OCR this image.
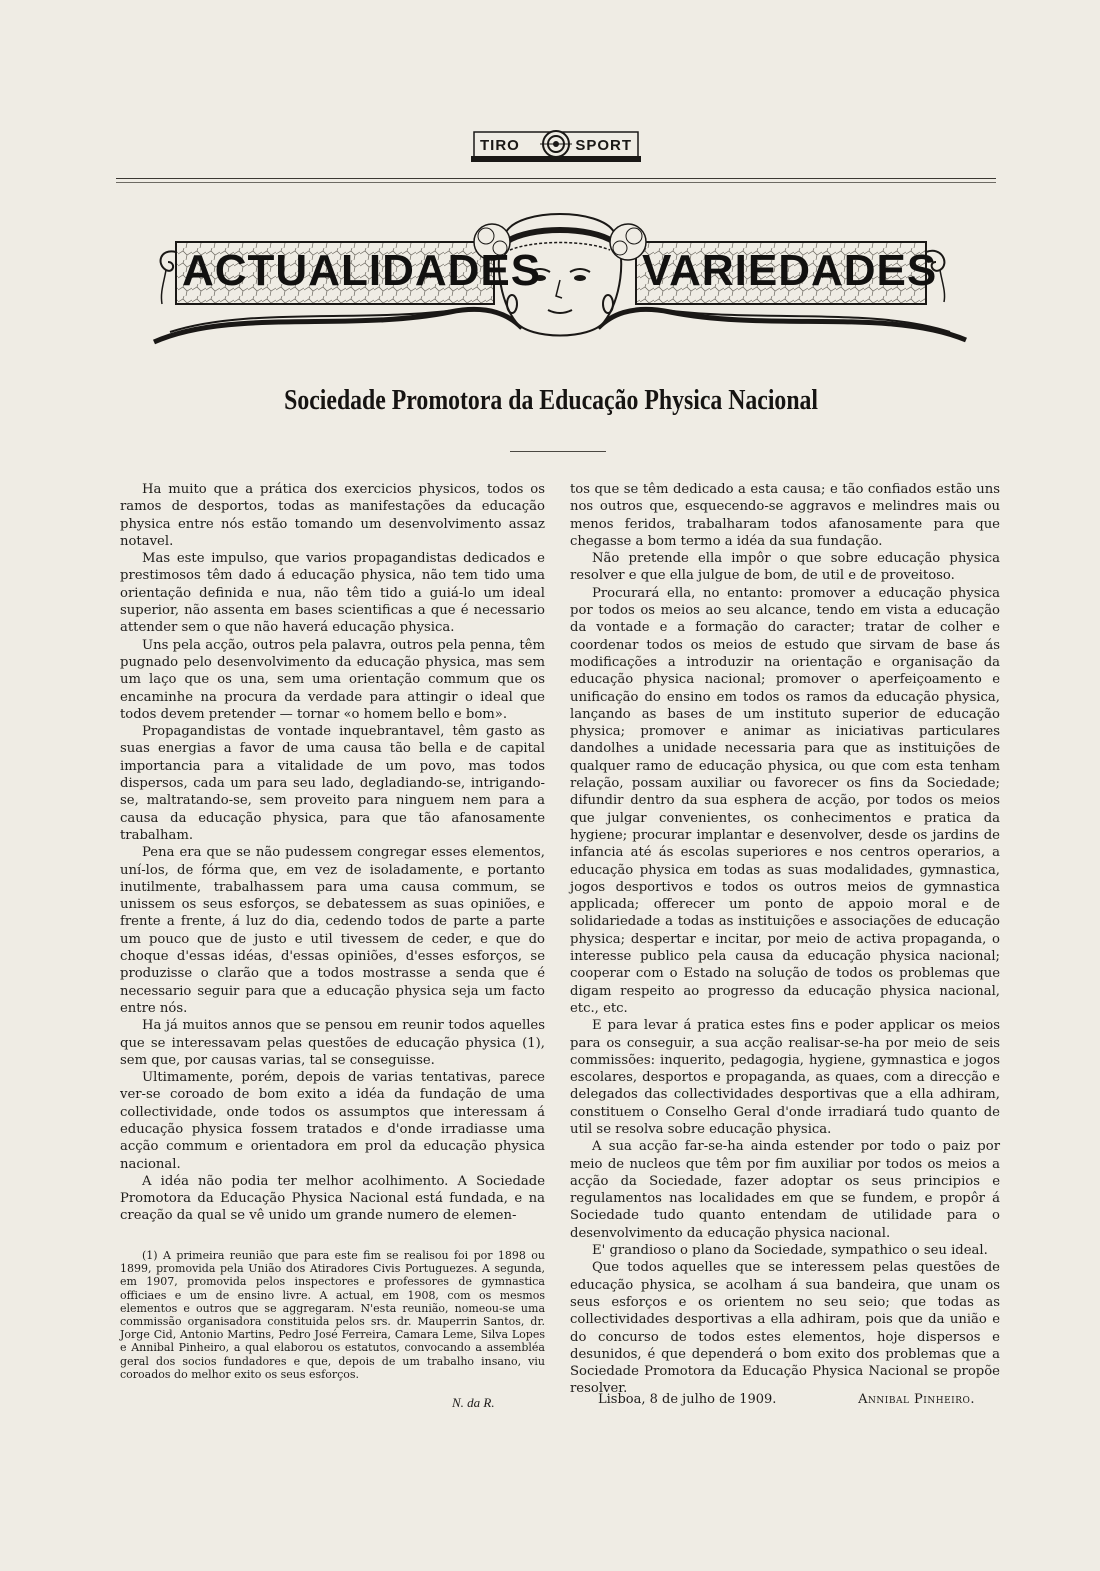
TIRO	SPORT
ACTUALIDADES VARIEDADES
Sociedade Promotora da Educação Physica Nacional

Ha muito que a prática dos exercicios physicos, todos os ramos de desportos, todas as manifestações da educação physica entre nós estão tomando um desenvolvimento assaz notavel.

Mas este impulso, que varios propagandistas dedicados e prestimosos têm dado á educação physica, não tem tido uma orientação definida e nua, não têm tido a guiá-lo um ideal superior, não assenta em bases scientificas a que é necessario attender sem o que não haverá educação physica.

Uns pela acção, outros pela palavra, outros pela penna, têm pugnado pelo desenvolvimento da educação physica, mas sem um laço que os una, sem uma orientação commum que os encaminhe na procura da verdade para attingir o ideal que todos devem pretender — tornar «o homem bello e bom».

Propagandistas de vontade inquebrantavel, têm gasto as suas energias a favor de uma causa tão bella e de capital importancia para a vitalidade de um povo, mas todos dispersos, cada um para seu lado, degladiando-se, intrigando-se, maltratando-se, sem proveito para ninguem nem para a causa da educação physica, para que tão afanosamente trabalham.

Pena era que se não pudessem congregar esses elementos, uní-los, de fórma que, em vez de isoladamente, e portanto inutilmente, trabalhassem para uma causa commum, se unissem os seus esforços, se debatessem as suas opiniões, e frente a frente, á luz do dia, cedendo todos de parte a parte um pouco que de justo e util tivessem de ceder, e que do choque d'essas idéas, d'essas opiniões, d'esses esforços, se produzisse o clarão que a todos mostrasse a senda que é necessario seguir para que a educação physica seja um facto entre nós.

Ha já muitos annos que se pensou em reunir todos aquelles que se interessavam pelas questões de educação physica (1), sem que, por causas varias, tal se conseguisse.

Ultimamente, porém, depois de varias tentativas, parece ver-se coroado de bom exito a idéa da fundação de uma collectividade, onde todos os assumptos que interessam á educação physica fossem tratados e d'onde irradiasse uma acção commum e orientadora em prol da educação physica nacional.

A idéa não podia ter melhor acolhimento. A Sociedade Promotora da Educação Physica Nacional está fundada, e na creação da qual se vê unido um grande numero de elemen-

tos que se têm dedicado a esta causa; e tão confiados estão uns nos outros que, esquecendo-se aggravos e melindres mais ou menos feridos, trabalharam todos afanosamente para que chegasse a bom termo a idéa da sua fundação.

Não pretende ella impôr o que sobre educação physica resolver e que ella julgue de bom, de util e de proveitoso.

Procurará ella, no entanto: promover a educação physica por todos os meios ao seu alcance, tendo em vista a educação da vontade e a formação do caracter; tratar de colher e coordenar todos os meios de estudo que sirvam de base ás modificações a introduzir na orientação e organisação da educação physica nacional; promover o aperfeiçoamento e unificação do ensino em todos os ramos da educação physica, lançando as bases de um instituto superior de educação physica; promover e animar as iniciativas particulares dandolhes a unidade necessaria para que as instituições de qualquer ramo de educação physica, ou que com esta tenham relação, possam auxiliar ou favorecer os fins da Sociedade; difundir dentro da sua esphera de acção, por todos os meios que julgar convenientes, os conhecimentos e pratica da hygiene; procurar implantar e desenvolver, desde os jardins de infancia até ás escolas superiores e nos centros operarios, a educação physica em todas as suas modalidades, gymnastica, jogos desportivos e todos os outros meios de gymnastica applicada; offerecer um ponto de appoio moral e de solidariedade a todas as instituições e associações de educação physica; despertar e incitar, por meio de activa propaganda, o interesse publico pela causa da educação physica nacional; cooperar com o Estado na solução de todos os problemas que digam respeito ao progresso da educação physica nacional, etc., etc.

E para levar á pratica estes fins e poder applicar os meios para os conseguir, a sua acção realisar-se-ha por meio de seis commissões: inquerito, pedagogia, hygiene, gymnastica e jogos escolares, desportos e propaganda, as quaes, com a direcção e delegados das collectividades desportivas que a ella adhiram, constituem o Conselho Geral d'onde irradiará tudo quanto de util se resolva sobre educação physica.

A sua acção far-se-ha ainda estender por todo o paiz por meio de nucleos que têm por fim auxiliar por todos os meios a acção da Sociedade, fazer adoptar os seus principios e regulamentos nas localidades em que se fundem, e propôr á Sociedade tudo quanto entendam de utilidade para o desenvolvimento da educação physica nacional.

E' grandioso o plano da Sociedade, sympathico o seu ideal.

Que todos aquelles que se interessem pelas questões de educação physica, se acolham á sua bandeira, que unam os seus esforços e os orientem no seu seio; que todas as collectividades desportivas a ella adhiram, pois que da união e do concurso de todos estes elementos, hoje dispersos e desunidos, é que dependerá o bom exito dos problemas que a Sociedade Promotora da Educação Physica Nacional se propõe resolver.

(1) A primeira reunião que para este fim se realisou foi por 1898 ou 1899, promovida pela União dos Atiradores Civis Portuguezes. A segunda, em 1907, promovida pelos inspectores e professores de gymnastica officiaes e um de ensino livre. A actual, em 1908, com os mesmos elementos e outros que se aggregaram. N'esta reunião, nomeou-se uma commissão organisadora constituida pelos srs. dr. Mauperrin Santos, dr. Jorge Cid, Antonio Martins, Pedro José Ferreira, Camara Leme, Silva Lopes e Annibal Pinheiro, a qual elaborou os estatutos, convocando a assembléa geral dos socios fundadores e que, depois de um trabalho insano, viu coroados do melhor exito os seus esforços.

N. da R.	Lisboa, 8 de julho de 1909.	Annibal Pinheiro.
